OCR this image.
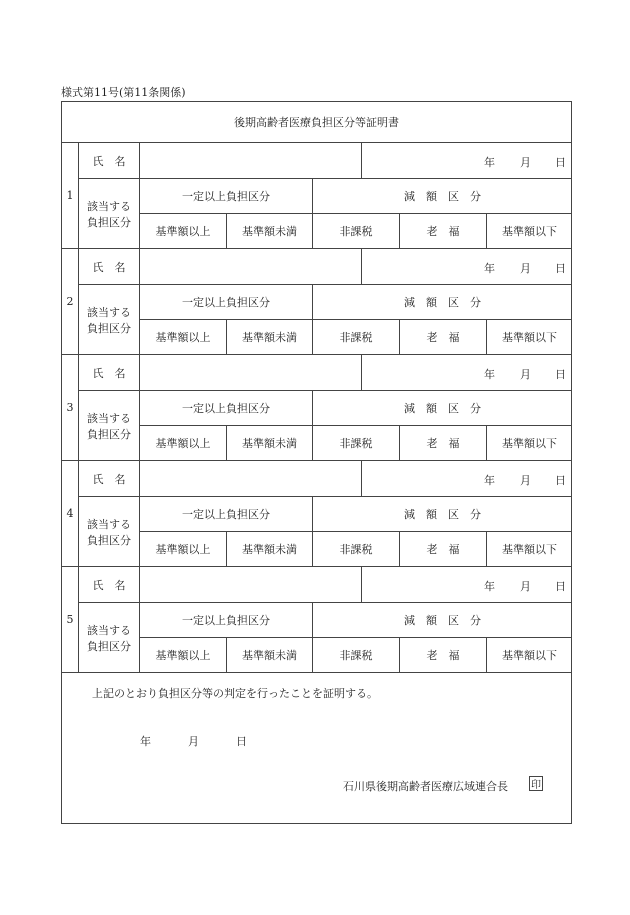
様式第11号(第11条関係)
後期高齢者医療負担区分等証明書
1
氏　名	年 月 日
該当する
負担区分
一定以上負担区分	減　額　区　分
基準額以上	基準額未満	非課税	老　福	基準額以下
2
氏　名	年 月 日
該当する
負担区分
一定以上負担区分	減　額　区　分
基準額以上	基準額未満	非課税	老　福	基準額以下
3
氏　名	年 月 日
該当する
負担区分
一定以上負担区分	減　額　区　分
基準額以上	基準額未満	非課税	老　福	基準額以下
4
氏　名	年 月 日
該当する
負担区分
一定以上負担区分	減　額　区　分
基準額以上	基準額未満	非課税	老　福	基準額以下
5
氏　名	年 月 日
該当する
負担区分
一定以上負担区分	減　額　区　分
基準額以上	基準額未満	非課税	老　福	基準額以下
上記のとおり負担区分等の判定を行ったことを証明する。
年	月	日
石川県後期高齢者医療広域連合長 印
